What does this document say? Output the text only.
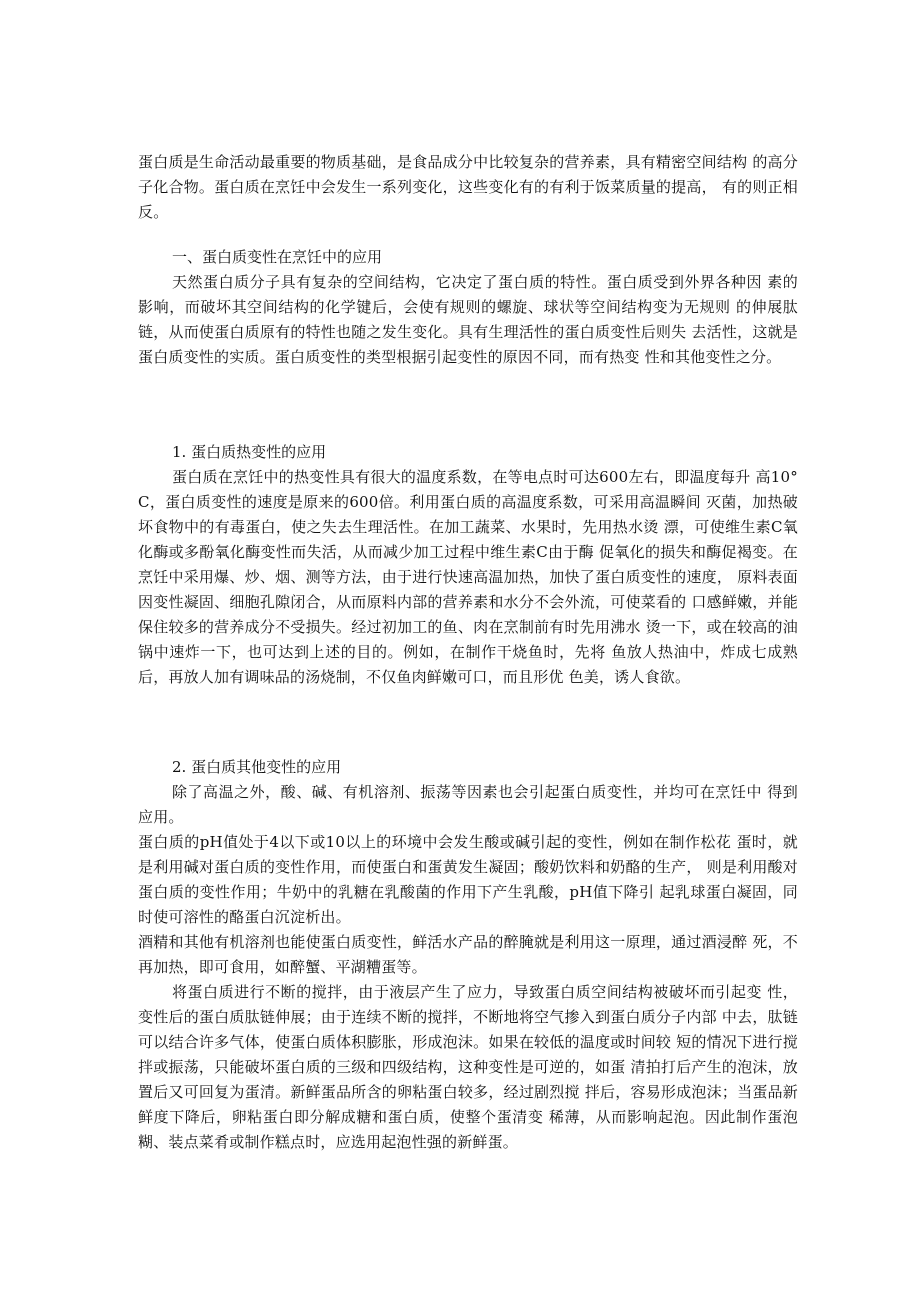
蛋白质是生命活动最重要的物质基础，是食品成分中比较复杂的营养素，具有精密空间结构 的高分子化合物。蛋白质在烹饪中会发生一系列变化，这些变化有的有利于饭菜质量的提高， 有的则正相反。
一、蛋白质变性在烹饪中的应用
天然蛋白质分子具有复杂的空间结构，它决定了蛋白质的特性。蛋白质受到外界各种因 素的影响，而破坏其空间结构的化学键后，会使有规则的螺旋、球状等空间结构变为无规则 的伸展肽链，从而使蛋白质原有的特性也随之发生变化。具有生理活性的蛋白质变性后则失 去活性，这就是蛋白质变性的实质。蛋白质变性的类型根据引起变性的原因不同，而有热变 性和其他变性之分。
1. 蛋白质热变性的应用
蛋白质在烹饪中的热变性具有很大的温度系数，在等电点时可达600左右，即温度每升 高10°C，蛋白质变性的速度是原来的600倍。利用蛋白质的高温度系数，可采用高温瞬间 灭菌，加热破坏食物中的有毒蛋白，使之失去生理活性。在加工蔬菜、水果时，先用热水烫 漂，可使维生素C氧化酶或多酚氧化酶变性而失活，从而减少加工过程中维生素C由于酶 促氧化的损失和酶促褐变。在烹饪中采用爆、炒、烟、测等方法，由于进行快速高温加热，加快了蛋白质变性的速度， 原料表面因变性凝固、细胞孔隙闭合，从而原料内部的营养素和水分不会外流，可使菜看的 口感鲜嫩，并能保住较多的营养成分不受损失。经过初加工的鱼、肉在烹制前有时先用沸水 烫一下，或在较高的油锅中速炸一下，也可达到上述的目的。例如，在制作干烧鱼时，先将 鱼放人热油中，炸成七成熟后，再放人加有调味品的汤烧制，不仅鱼肉鲜嫩可口，而且形优 色美，诱人食欲。
2. 蛋白质其他变性的应用
除了高温之外，酸、碱、有机溶剂、振荡等因素也会引起蛋白质变性，并均可在烹饪中 得到应用。
蛋白质的pH值处于4以下或10以上的环境中会发生酸或碱引起的变性，例如在制作松花 蛋时，就是利用碱对蛋白质的变性作用，而使蛋白和蛋黄发生凝固；酸奶饮料和奶酪的生产， 则是利用酸对蛋白质的变性作用；牛奶中的乳糖在乳酸菌的作用下产生乳酸，pH值下降引 起乳球蛋白凝固，同时使可溶性的酪蛋白沉淀析出。
酒精和其他有机溶剂也能使蛋白质变性，鲜活水产品的醉腌就是利用这一原理，通过酒浸醉 死，不再加热，即可食用，如醉蟹、平湖糟蛋等。
将蛋白质进行不断的搅拌，由于液层产生了应力，导致蛋白质空间结构被破坏而引起变 性，变性后的蛋白质肽链伸展；由于连续不断的搅拌，不断地将空气掺入到蛋白质分子内部 中去，肽链可以结合许多气体，使蛋白质体积膨胀，形成泡沫。如果在较低的温度或时间较 短的情况下进行搅拌或振荡，只能破坏蛋白质的三级和四级结构，这种变性是可逆的，如蛋 清拍打后产生的泡沫，放置后又可回复为蛋清。新鲜蛋品所含的卵粘蛋白较多，经过剧烈搅 拌后，容易形成泡沫；当蛋品新鲜度下降后，卵粘蛋白即分解成糖和蛋白质，使整个蛋清变 稀薄，从而影响起泡。因此制作蛋泡糊、装点菜肴或制作糕点时，应选用起泡性强的新鲜蛋。
